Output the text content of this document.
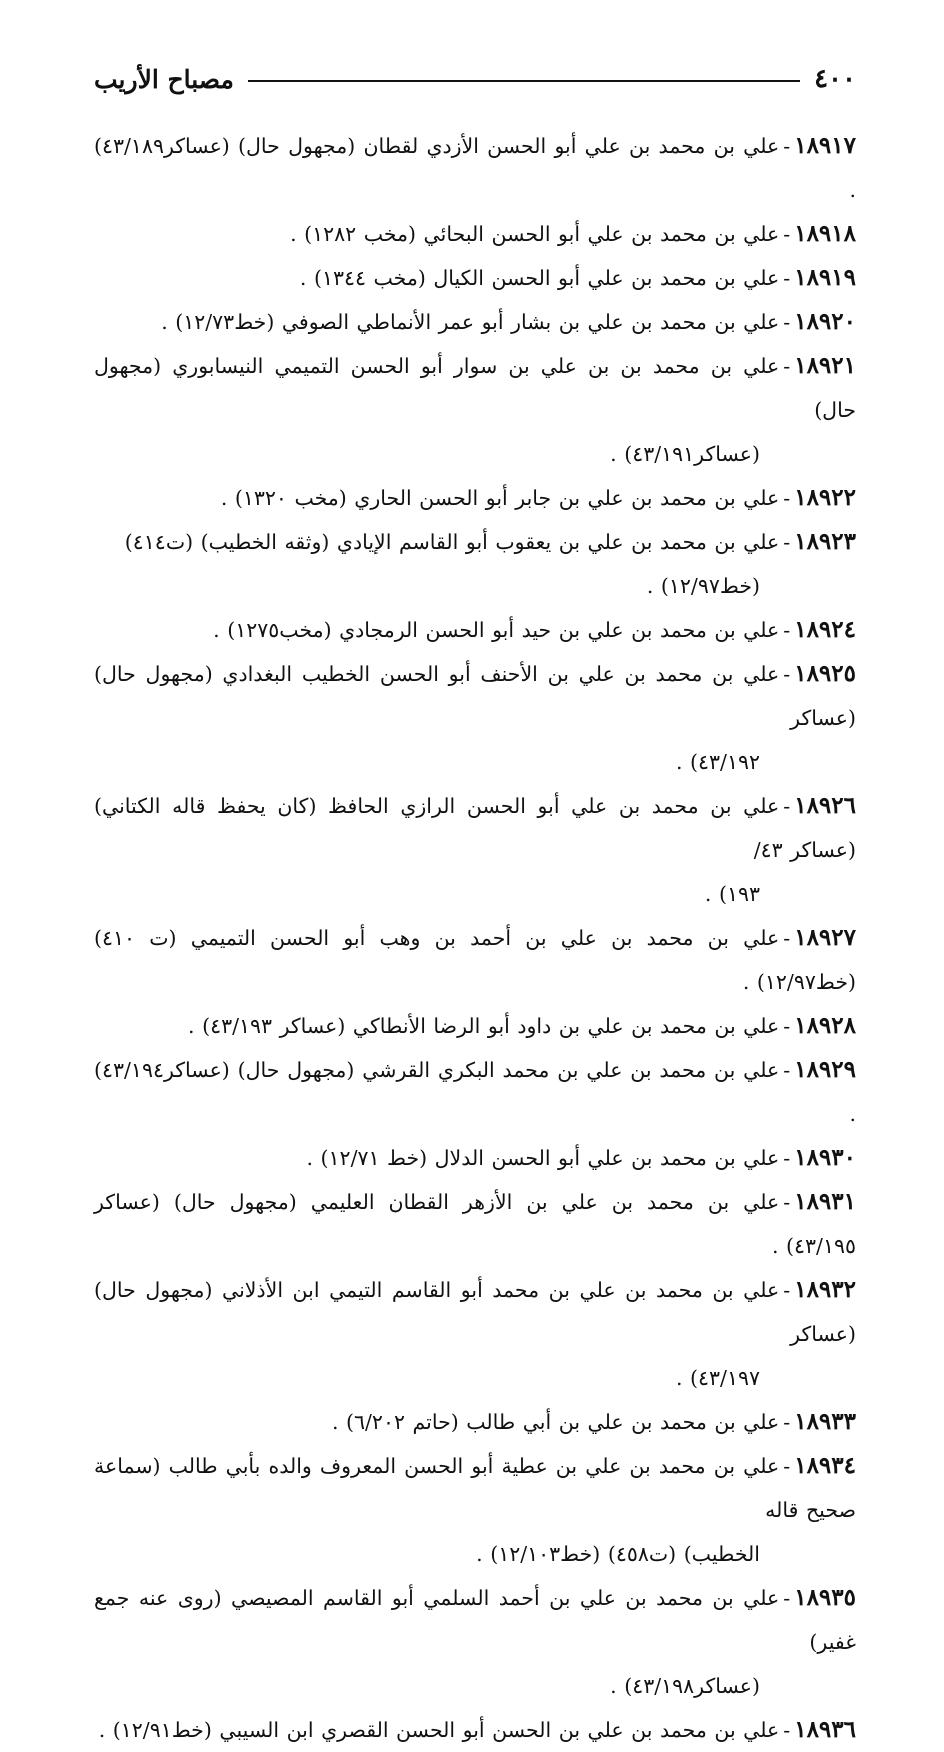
٤٠٠
مصباح الأريب
١٨٩١٧-علي بن محمد بن علي أبو الحسن الأزدي لقطان (مجهول حال) (عساكر٤٣/١٨٩) .
١٨٩١٨-علي بن محمد بن علي أبو الحسن البحائي (مخب ١٢٨٢) .
١٨٩١٩-علي بن محمد بن علي أبو الحسن الكيال (مخب ١٣٤٤) .
١٨٩٢٠-علي بن محمد بن علي بن بشار أبو عمر الأنماطي الصوفي (خط١٢/٧٣) .
١٨٩٢١-علي بن محمد بن بن علي بن سوار أبو الحسن التميمي النيسابوري (مجهول حال)
(عساكر٤٣/١٩١) .
١٨٩٢٢-علي بن محمد بن علي بن جابر أبو الحسن الحاري (مخب ١٣٢٠) .
١٨٩٢٣-علي بن محمد بن علي بن يعقوب أبو القاسم الإيادي (وثقه الخطيب) (ت٤١٤)
(خط١٢/٩٧) .
١٨٩٢٤-علي بن محمد بن علي بن حيد أبو الحسن الرمجادي (مخب١٢٧٥) .
١٨٩٢٥-علي بن محمد بن علي بن الأحنف أبو الحسن الخطيب البغدادي (مجهول حال) (عساكر
٤٣/١٩٢) .
١٨٩٢٦-علي بن محمد بن علي أبو الحسن الرازي الحافظ (كان يحفظ قاله الكتاني) (عساكر ٤٣/
١٩٣) .
١٨٩٢٧-علي بن محمد بن علي بن أحمد بن وهب أبو الحسن التميمي (ت ٤١٠) (خط١٢/٩٧) .
١٨٩٢٨-علي بن محمد بن علي بن داود أبو الرضا الأنطاكي (عساكر ٤٣/١٩٣) .
١٨٩٢٩-علي بن محمد بن علي بن محمد البكري القرشي (مجهول حال) (عساكر٤٣/١٩٤) .
١٨٩٣٠-علي بن محمد بن علي أبو الحسن الدلال (خط ١٢/٧١) .
١٨٩٣١-علي بن محمد بن علي بن الأزهر القطان العليمي (مجهول حال) (عساكر ٤٣/١٩٥) .
١٨٩٣٢-علي بن محمد بن علي بن محمد أبو القاسم التيمي ابن الأذلاني (مجهول حال) (عساكر
٤٣/١٩٧) .
١٨٩٣٣-علي بن محمد بن علي بن أبي طالب (حاتم ٦/٢٠٢) .
١٨٩٣٤-علي بن محمد بن علي بن عطية أبو الحسن المعروف والده بأبي طالب (سماعة صحيح قاله
الخطيب) (ت٤٥٨) (خط١٢/١٠٣) .
١٨٩٣٥-علي بن محمد بن علي بن أحمد السلمي أبو القاسم المصيصي (روى عنه جمع غفير)
(عساكر٤٣/١٩٨) .
١٨٩٣٦-علي بن محمد بن علي بن الحسن أبو الحسن القصري ابن السيبي (خط١٢/٩١) .
